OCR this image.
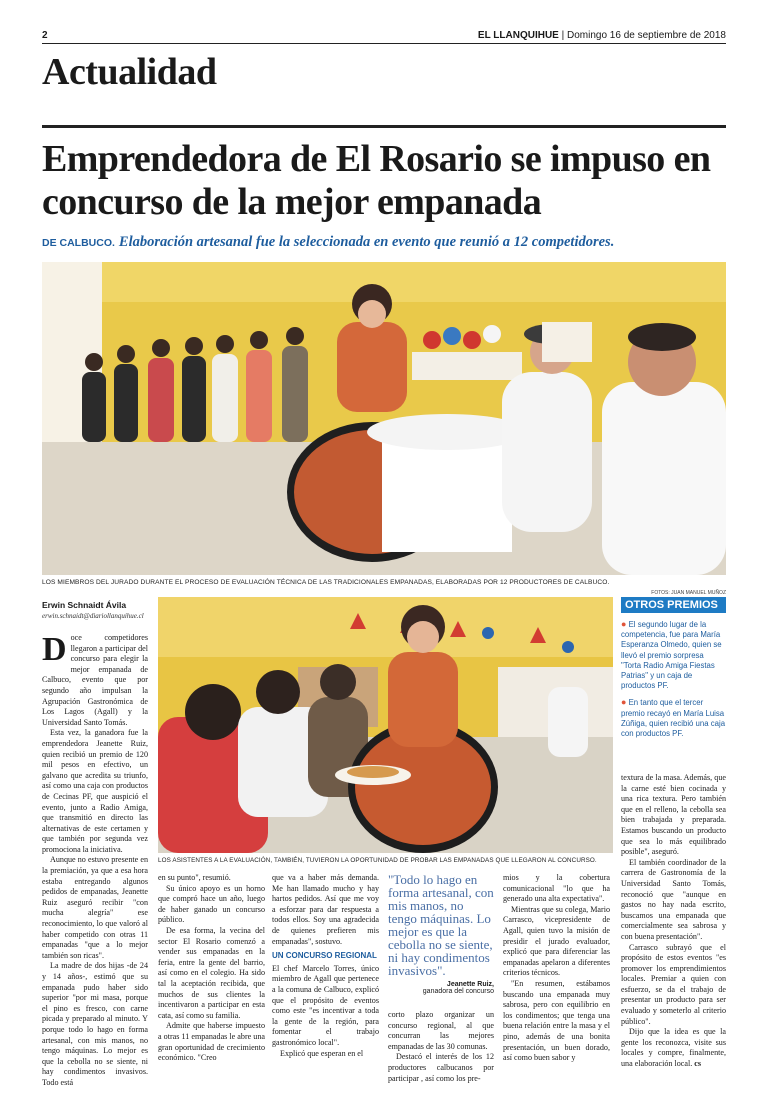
2	EL LLANQUIHUE | Domingo 16 de septiembre de 2018
Actualidad
Emprendedora de El Rosario se impuso en concurso de la mejor empanada
DE CALBUCO. Elaboración artesanal fue la seleccionada en evento que reunió a 12 competidores.
LOS MIEMBROS DEL JURADO DURANTE EL PROCESO DE EVALUACIÓN TÉCNICA DE LAS TRADICIONALES EMPANADAS, ELABORADAS POR 12 PRODUCTORES DE CALBUCO.
FOTOS: JUAN MANUEL MUÑOZ
Erwin Schnaidt Ávila
erwin.schnaidt@diariollanquihue.cl

Doce competidores llegaron a participar del concurso para elegir la mejor empanada de Calbuco, evento que por segundo año impulsan la Agrupación Gastronómica de Los Lagos (Agall) y la Universidad Santo Tomás.

Esta vez, la ganadora fue la emprendedora Jeanette Ruiz, quien recibió un premio de 120 mil pesos en efectivo, un galvano que acredita su triunfo, así como una caja con productos de Cecinas PF, que auspició el evento, junto a Radio Amiga, que transmitió en directo las alternativas de este certamen y que también por segunda vez promociona la iniciativa.

Aunque no estuvo presente en la premiación, ya que a esa hora estaba entregando algunos pedidos de empanadas, Jeanette Ruiz aseguró recibir "con mucha alegría" ese reconocimiento, lo que valoró al haber competido con otras 11 empanadas "que a lo mejor también son ricas".

La madre de dos hijas -de 24 y 14 años-, estimó que su empanada pudo haber sido superior "por mi masa, porque el pino es fresco, con carne picada y preparado al minuto. Y porque todo lo hago en forma artesanal, con mis manos, no tengo máquinas. Lo mejor es que la cebolla no se siente, ni hay condimentos invasivos. Todo está

LOS ASISTENTES A LA EVALUACIÓN, TAMBIÉN, TUVIERON LA OPORTUNIDAD DE PROBAR LAS EMPANADAS QUE LLEGARON AL CONCURSO.

en su punto", resumió.

Su único apoyo es un horno que compró hace un año, luego de haber ganado un concurso público.

De esa forma, la vecina del sector El Rosario comenzó a vender sus empanadas en la feria, entre la gente del barrio, así como en el colegio. Ha sido tal la aceptación recibida, que muchos de sus clientes la incentivaron a participar en esta cata, así como su familia.

Admite que haberse impuesto a otras 11 empanadas le abre una gran oportunidad de crecimiento económico. "Creo

que va a haber más demanda. Me han llamado mucho y hay hartos pedidos. Así que me voy a esforzar para dar respuesta a todos ellos. Soy una agradecida de quienes prefieren mis empanadas", sostuvo.

UN CONCURSO REGIONAL

El chef Marcelo Torres, único miembro de Agall que pertenece a la comuna de Calbuco, explicó que el propósito de eventos como este "es incentivar a toda la gente de la región, para fomentar el trabajo gastronómico local".

Explicó que esperan en el

"Todo lo hago en forma artesanal, con mis manos, no tengo máquinas. Lo mejor es que la cebolla no se siente, ni hay condimentos invasivos".
Jeanette Ruiz,
ganadora del concurso

corto plazo organizar un concurso regional, al que concurran las mejores empanadas de las 30 comunas.

Destacó el interés de los 12 productores calbucanos por participar , así como los pre-

mios y la cobertura comunicacional "lo que ha generado una alta expectativa".

Mientras que su colega, Mario Carrasco, vicepresidente de Agall, quien tuvo la misión de presidir el jurado evaluador, explicó que para diferenciar las empanadas apelaron a diferentes criterios técnicos.

"En resumen, estábamos buscando una empanada muy sabrosa, pero con equilibrio en los condimentos; que tenga una buena relación entre la masa y el pino, además de una bonita presentación, un buen dorado, así como buen sabor y

OTROS PREMIOS
● El segundo lugar de la competencia, fue para María Esperanza Olmedo, quien se llevó el premio sorpresa "Torta Radio Amiga Fiestas Patrias" y un caja de productos PF.
● En tanto que el tercer premio recayó en María Luisa Zúñiga, quien recibió una caja con productos PF.

textura de la masa. Además, que la carne esté bien cocinada y una rica textura. Pero también que en el relleno, la cebolla sea bien trabajada y preparada. Estamos buscando un producto que sea lo más equilibrado posible", aseguró.

El también coordinador de la carrera de Gastronomía de la Universidad Santo Tomás, reconoció que "aunque en gastos no hay nada escrito, buscamos una empanada que comercialmente sea sabrosa y con buena presentación".

Carrasco subrayó que el propósito de estos eventos "es promover los emprendimientos locales. Premiar a quien con esfuerzo, se da el trabajo de presentar un producto para ser evaluado y someterlo al criterio público".

Dijo que la idea es que la gente los reconozca, visite sus locales y compre, finalmente, una elaboración local. cs
